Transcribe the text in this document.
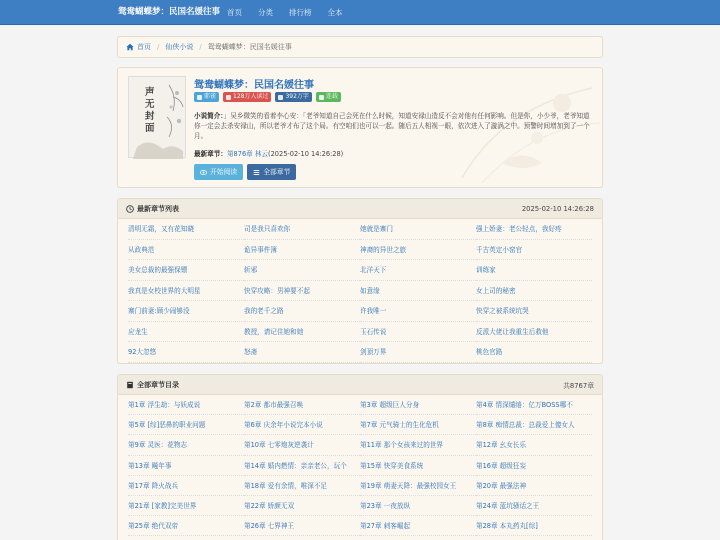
鸳鸯蝴蝶梦：民国名媛往事 首页 分类 排行榜 全本
首页 / 仙侠小说 / 鸳鸯蝴蝶梦：民国名媛往事
声无封面
鸳鸯蝴蝶梦：民国名媛往事
耶雀	128万人读过	392万字	连载
小说简介：」吴乡微笑的看着李心安：「老爷知道自己会死在什么时候，知道安禄山造反不会对他有任何影响。但是你，小少爷，老爷知道你一定会去杀安禄山，所以老爷才布了这个局。有空咱们也可以一起。随后五人相视一眼，依次进入了漩涡之中。预警时间增加到了一个月。
最新章节：第876章 林云(2025-02-10 14:26:28)
开始阅读	全部章节
最新章节列表	2025-02-10 14:26:28
清明无霜，又有花知晓	司是我只喜欢你	她就是寨门	强上娇妻：老公轻点，我好疼
从政典范	诡异事件簿	神裔的异世之旅	千古英定小窑官
美女总裁的最强保镖	斩邪	北洋天下	训练家
我真是女校世界的大明星	快穿攻略：男神要不起	如意缘	女上司的秘密
寨门前妻:顾少闹够没	我的老千之路	许我唯一	快穿之被系统坑哭
应龙生	教授，请记住她和她	玉石传说	反派大佬让我重生后救他
92大忽悠	怒斋	剑顶万界	桃色官路
全部章节目录	共8767章
第1章 浮生劫：与妖成说	第2章 都市最强召唤	第3章 超级巨人分身	第4章 情深缱绻：亿万BOSS哪不
第5章 [综]恶鼻的职业问题	第6章 庆余年小说完本小说	第7章 元气骑士的生化危机	第8章 痴情总裁：总裁爱上傻女人
第9章 灵医：花物志	第10章 七零炮灰逆袭计	第11章 那个女孩来过的世界	第12章 幺女长乐
第13章 飚年事	第14章 婚内燃情：亲亲老公，玩个	第15章 快穿美食系统	第16章 超级狂妄
第17章 降火战兵	第18章 爱有余情，唯深不足	第19章 萌妻天降：最强校园女王	第20章 最强法神
第21章 [家教]完美世界	第22章 娇颜无双	第23章 一夜放纵	第24章 蓝坑骚话之王
第25章 绝代双帝	第26章 七界神王	第27章 刺客崛起	第28章 本丸药丸[综]
